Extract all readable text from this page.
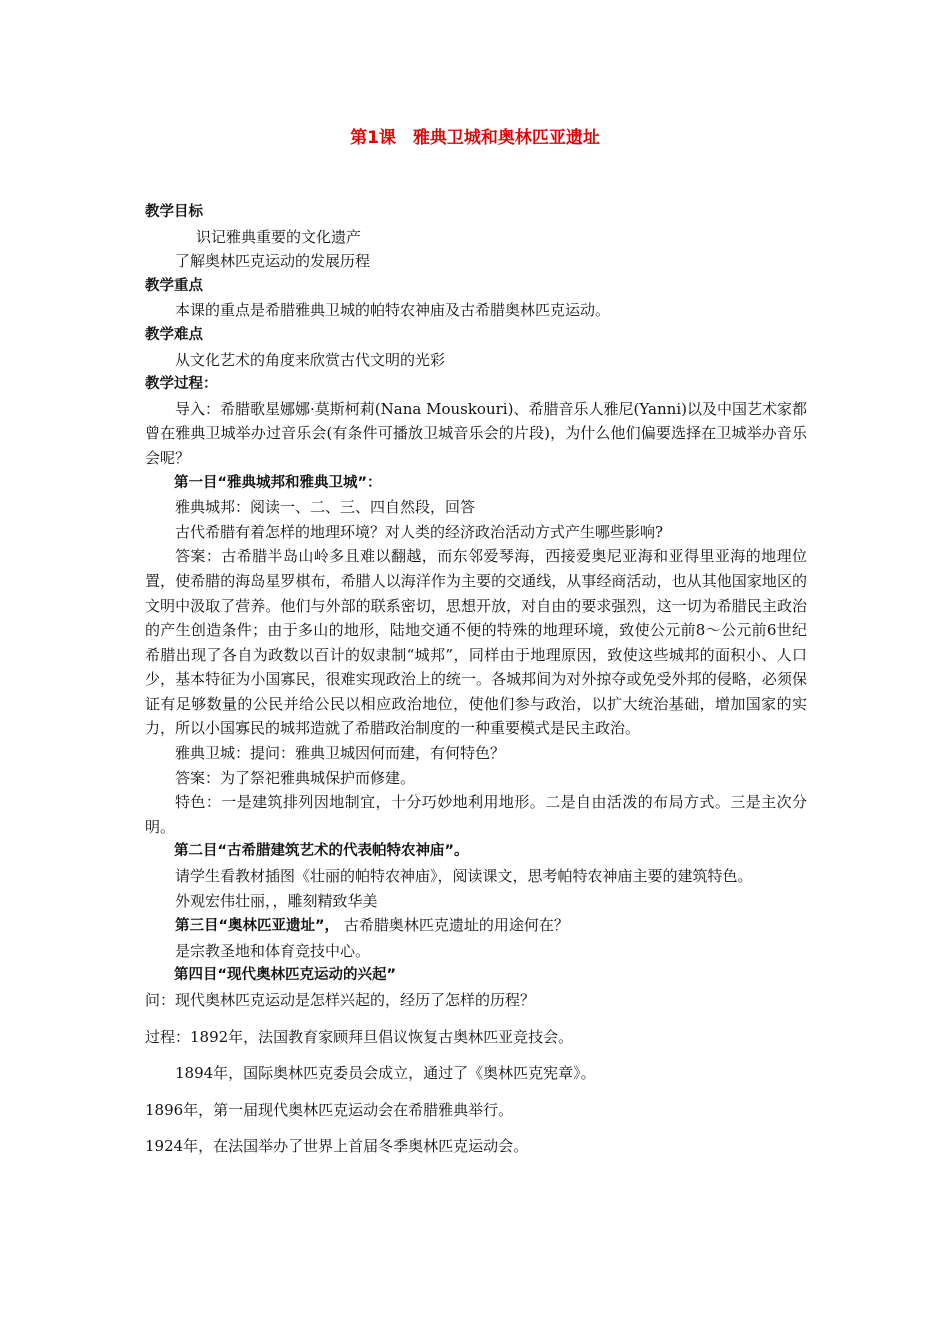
第1课　雅典卫城和奥林匹亚遗址

教学目标

识记雅典重要的文化遗产

了解奥林匹克运动的发展历程

教学重点

本课的重点是希腊雅典卫城的帕特农神庙及古希腊奥林匹克运动。

教学难点

从文化艺术的角度来欣赏古代文明的光彩

教学过程：

导入：希腊歌星娜娜·莫斯柯莉(Nana Mouskouri)、希腊音乐人雅尼(Yanni)以及中国艺术家都曾在雅典卫城举办过音乐会(有条件可播放卫城音乐会的片段)，为什么他们偏要选择在卫城举办音乐会呢？

第一目“雅典城邦和雅典卫城”：

雅典城邦：阅读一、二、三、四自然段，回答

古代希腊有着怎样的地理环境？对人类的经济政治活动方式产生哪些影响?

答案：古希腊半岛山岭多且难以翻越，而东邻爱琴海，西接爱奥尼亚海和亚得里亚海的地理位置，使希腊的海岛星罗棋布，希腊人以海洋作为主要的交通线，从事经商活动，也从其他国家地区的文明中汲取了营养。他们与外部的联系密切，思想开放，对自由的要求强烈，这一切为希腊民主政治的产生创造条件；由于多山的地形，陆地交通不便的特殊的地理环境，致使公元前8～公元前6世纪希腊出现了各自为政数以百计的奴隶制“城邦”，同样由于地理原因，致使这些城邦的面积小、人口少，基本特征为小国寡民，很难实现政治上的统一。各城邦间为对外掠夺或免受外邦的侵略，必须保证有足够数量的公民并给公民以相应政治地位，使他们参与政治，以扩大统治基础，增加国家的实力，所以小国寡民的城邦造就了希腊政治制度的一种重要模式是民主政治。

雅典卫城：提问：雅典卫城因何而建，有何特色？

答案：为了祭祀雅典城保护而修建。

特色：一是建筑排列因地制宜，十分巧妙地利用地形。二是自由活泼的布局方式。三是主次分明。

第二目“古希腊建筑艺术的代表帕特农神庙”。

请学生看教材插图《壮丽的帕特农神庙》，阅读课文，思考帕特农神庙主要的建筑特色。

外观宏伟壮丽，，雕刻精致华美

第三目“奥林匹亚遗址”， 古希腊奥林匹克遗址的用途何在？

是宗教圣地和体育竞技中心。

第四目“现代奥林匹克运动的兴起”

问：现代奥林匹克运动是怎样兴起的，经历了怎样的历程？

过程：1892年，法国教育家顾拜旦倡议恢复古奥林匹亚竞技会。

1894年，国际奥林匹克委员会成立，通过了《奥林匹克宪章》。

1896年，第一届现代奥林匹克运动会在希腊雅典举行。

1924年，在法国举办了世界上首届冬季奥林匹克运动会。
